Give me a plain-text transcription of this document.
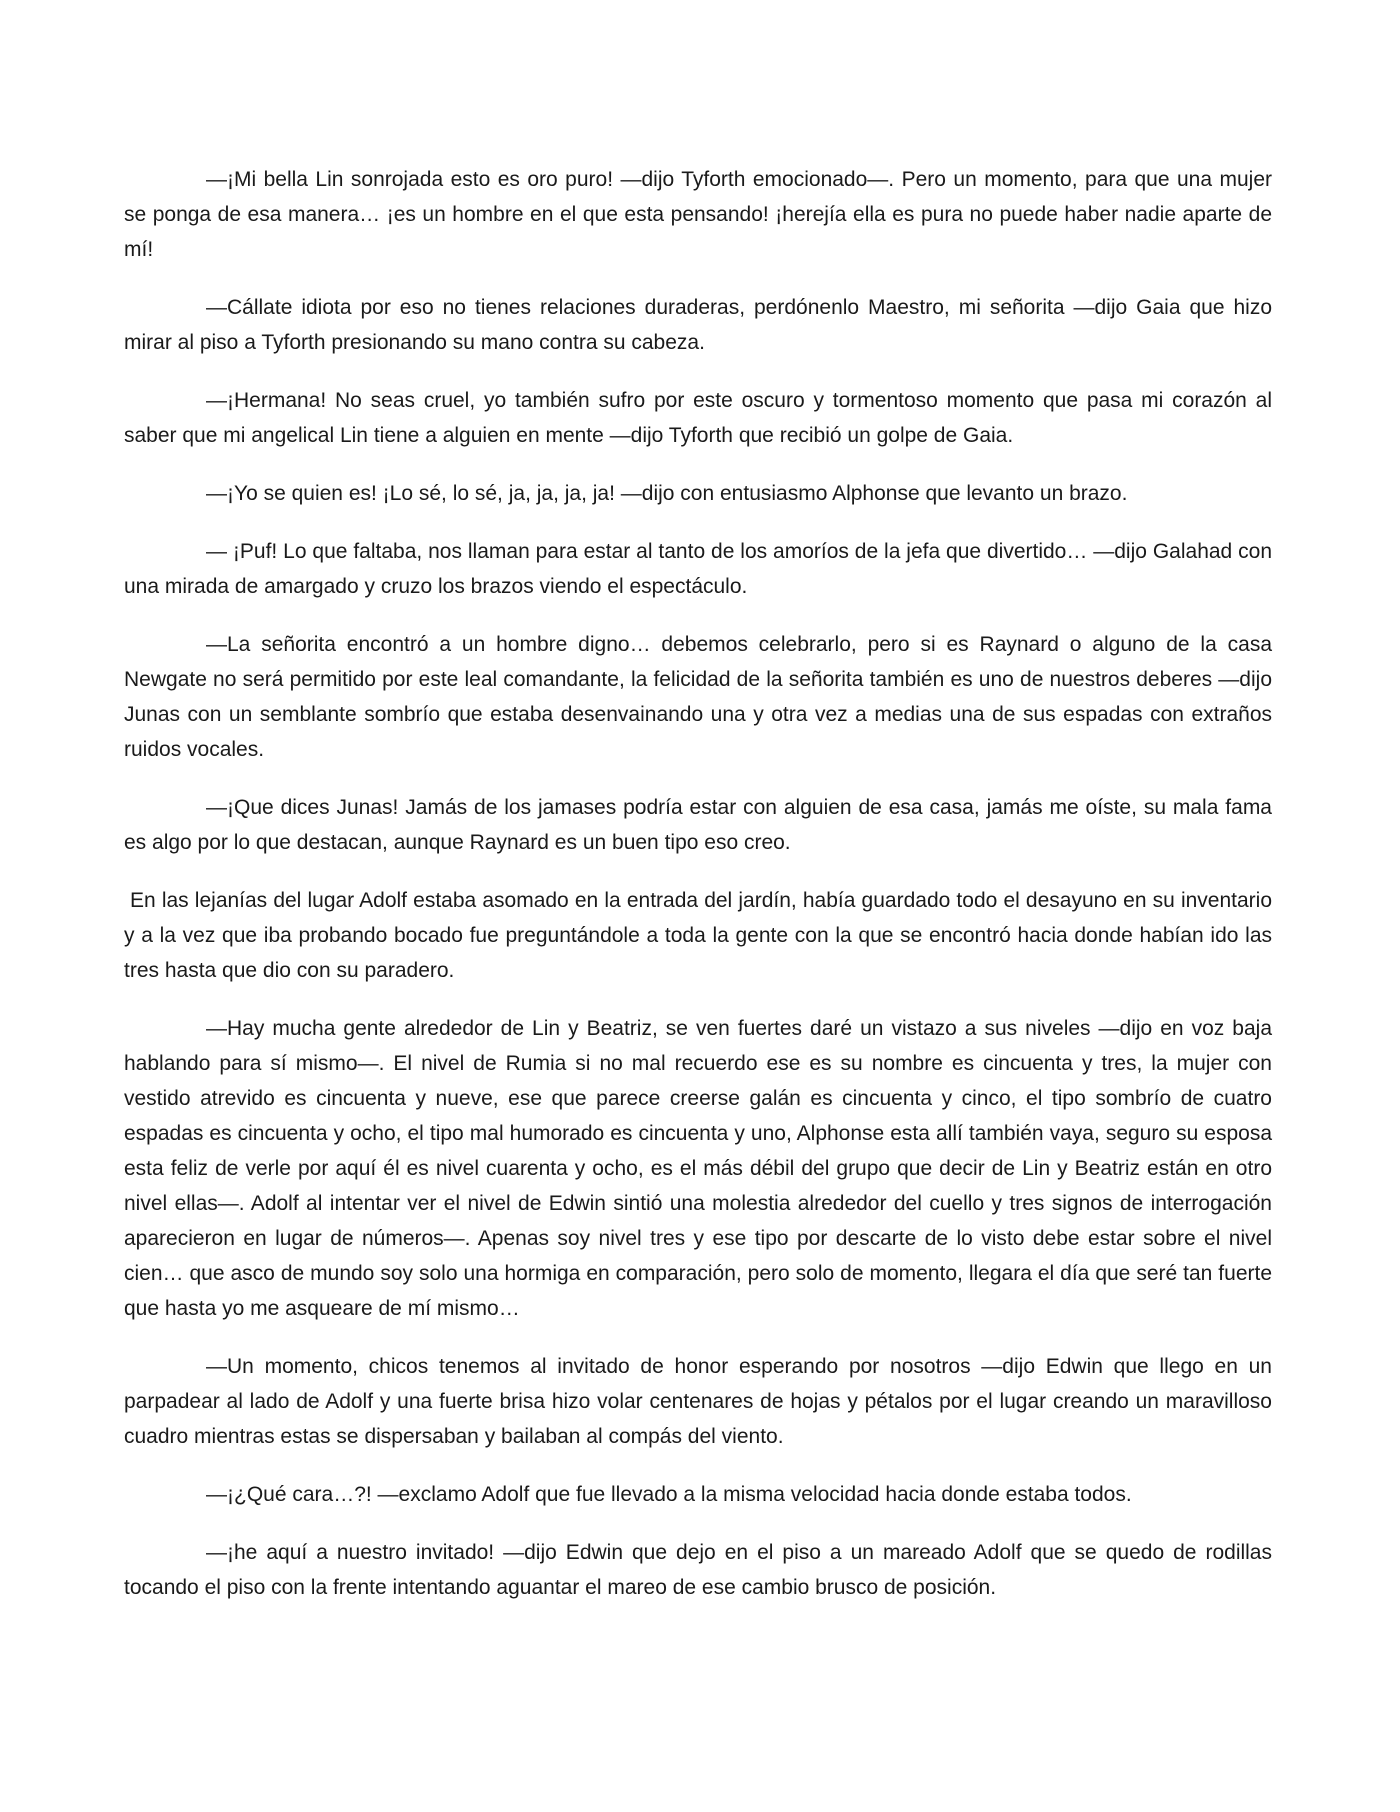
—¡Mi bella Lin sonrojada esto es oro puro! —dijo Tyforth emocionado—. Pero un momento, para que una mujer se ponga de esa manera… ¡es un hombre en el que esta pensando! ¡herejía ella es pura no puede haber nadie aparte de mí!

—Cállate idiota por eso no tienes relaciones duraderas, perdónenlo Maestro, mi señorita —dijo Gaia que hizo mirar al piso a Tyforth presionando su mano contra su cabeza.

—¡Hermana! No seas cruel, yo también sufro por este oscuro y tormentoso momento que pasa mi corazón al saber que mi angelical Lin tiene a alguien en mente —dijo Tyforth que recibió un golpe de Gaia.

—¡Yo se quien es! ¡Lo sé, lo sé, ja, ja, ja, ja! —dijo con entusiasmo Alphonse que levanto un brazo.

— ¡Puf! Lo que faltaba, nos llaman para estar al tanto de los amoríos de la jefa que divertido… —dijo Galahad con una mirada de amargado y cruzo los brazos viendo el espectáculo.

—La señorita encontró a un hombre digno… debemos celebrarlo, pero si es Raynard o alguno de la casa Newgate no será permitido por este leal comandante, la felicidad de la señorita también es uno de nuestros deberes —dijo Junas con un semblante sombrío que estaba desenvainando una y otra vez a medias una de sus espadas con extraños ruidos vocales.

—¡Que dices Junas! Jamás de los jamases podría estar con alguien de esa casa, jamás me oíste, su mala fama es algo por lo que destacan, aunque Raynard es un buen tipo eso creo.

En las lejanías del lugar Adolf estaba asomado en la entrada del jardín, había guardado todo el desayuno en su inventario y a la vez que iba probando bocado fue preguntándole a toda la gente con la que se encontró hacia donde habían ido las tres hasta que dio con su paradero.

—Hay mucha gente alrededor de Lin y Beatriz, se ven fuertes daré un vistazo a sus niveles —dijo en voz baja hablando para sí mismo—. El nivel de Rumia si no mal recuerdo ese es su nombre es cincuenta y tres, la mujer con vestido atrevido es cincuenta y nueve, ese que parece creerse galán es cincuenta y cinco, el tipo sombrío de cuatro espadas es cincuenta y ocho, el tipo mal humorado es cincuenta y uno, Alphonse esta allí también vaya, seguro su esposa esta feliz de verle por aquí él es nivel cuarenta y ocho, es el más débil del grupo que decir de Lin y Beatriz están en otro nivel ellas—. Adolf al intentar ver el nivel de Edwin sintió una molestia alrededor del cuello y tres signos de interrogación aparecieron en lugar de números—. Apenas soy nivel tres y ese tipo por descarte de lo visto debe estar sobre el nivel cien… que asco de mundo soy solo una hormiga en comparación, pero solo de momento, llegara el día que seré tan fuerte que hasta yo me asqueare de mí mismo…

—Un momento, chicos tenemos al invitado de honor esperando por nosotros —dijo Edwin que llego en un parpadear al lado de Adolf y una fuerte brisa hizo volar centenares de hojas y pétalos por el lugar creando un maravilloso cuadro mientras estas se dispersaban y bailaban al compás del viento.

—¡¿Qué cara…?! —exclamo Adolf que fue llevado a la misma velocidad hacia donde estaba todos.

—¡he aquí a nuestro invitado! —dijo Edwin que dejo en el piso a un mareado Adolf que se quedo de rodillas tocando el piso con la frente intentando aguantar el mareo de ese cambio brusco de posición.
